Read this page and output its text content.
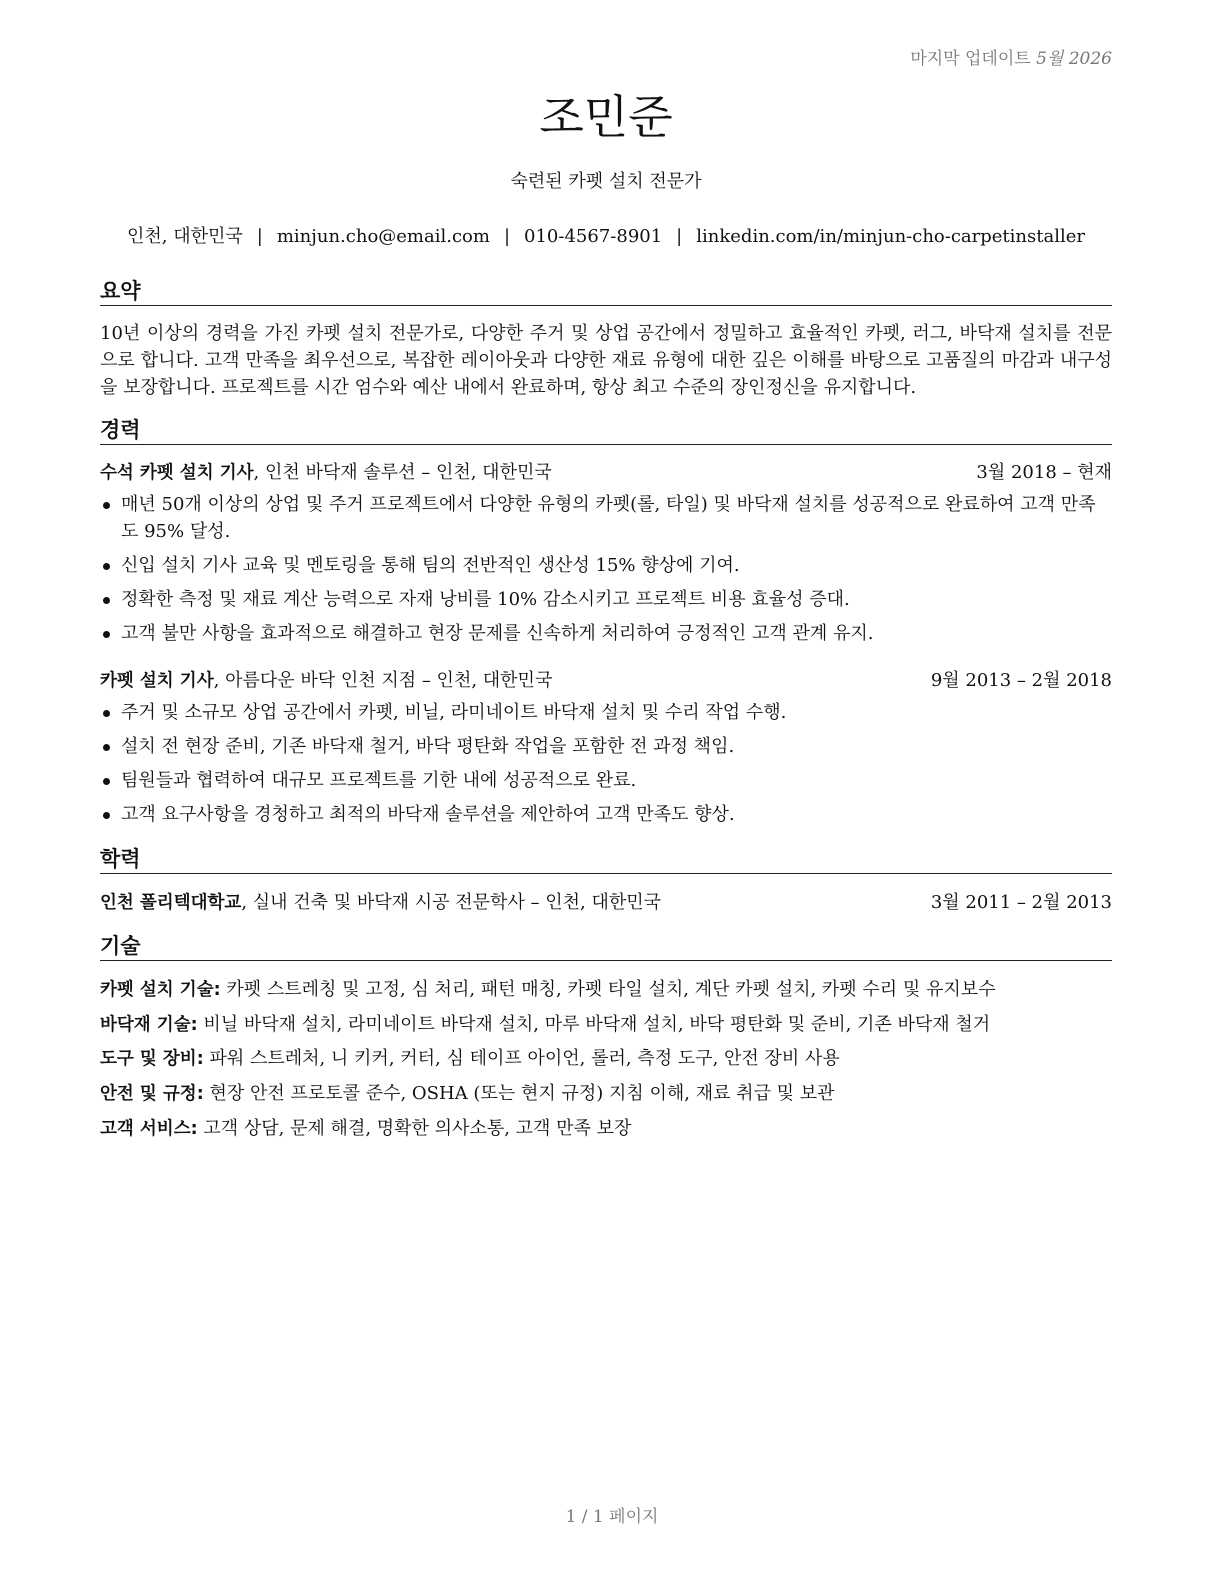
마지막 업데이트 5월 2026
조민준
숙련된 카펫 설치 전문가
인천, 대한민국 | minjun.cho@email.com | 010-4567-8901 | linkedin.com/in/minjun-cho-carpetinstaller
요약

10년 이상의 경력을 가진 카펫 설치 전문가로, 다양한 주거 및 상업 공간에서 정밀하고 효율적인 카펫, 러그, 바닥재 설치를 전문으로 합니다. 고객 만족을 최우선으로, 복잡한 레이아웃과 다양한 재료 유형에 대한 깊은 이해를 바탕으로 고품질의 마감과 내구성을 보장합니다. 프로젝트를 시간 엄수와 예산 내에서 완료하며, 항상 최고 수준의 장인정신을 유지합니다.

경력
수석 카펫 설치 기사, 인천 바닥재 솔루션 – 인천, 대한민국	3월 2018 – 현재
매년 50개 이상의 상업 및 주거 프로젝트에서 다양한 유형의 카펫(롤, 타일) 및 바닥재 설치를 성공적으로 완료하여 고객 만족도 95% 달성.
신입 설치 기사 교육 및 멘토링을 통해 팀의 전반적인 생산성 15% 향상에 기여.
정확한 측정 및 재료 계산 능력으로 자재 낭비를 10% 감소시키고 프로젝트 비용 효율성 증대.
고객 불만 사항을 효과적으로 해결하고 현장 문제를 신속하게 처리하여 긍정적인 고객 관계 유지.
카펫 설치 기사, 아름다운 바닥 인천 지점 – 인천, 대한민국	9월 2013 – 2월 2018
주거 및 소규모 상업 공간에서 카펫, 비닐, 라미네이트 바닥재 설치 및 수리 작업 수행.
설치 전 현장 준비, 기존 바닥재 철거, 바닥 평탄화 작업을 포함한 전 과정 책임.
팀원들과 협력하여 대규모 프로젝트를 기한 내에 성공적으로 완료.
고객 요구사항을 경청하고 최적의 바닥재 솔루션을 제안하여 고객 만족도 향상.
학력
인천 폴리텍대학교, 실내 건축 및 바닥재 시공 전문학사 – 인천, 대한민국	3월 2011 – 2월 2013
기술
카펫 설치 기술: 카펫 스트레칭 및 고정, 심 처리, 패턴 매칭, 카펫 타일 설치, 계단 카펫 설치, 카펫 수리 및 유지보수
바닥재 기술: 비닐 바닥재 설치, 라미네이트 바닥재 설치, 마루 바닥재 설치, 바닥 평탄화 및 준비, 기존 바닥재 철거
도구 및 장비: 파워 스트레처, 니 키커, 커터, 심 테이프 아이언, 롤러, 측정 도구, 안전 장비 사용
안전 및 규정: 현장 안전 프로토콜 준수, OSHA (또는 현지 규정) 지침 이해, 재료 취급 및 보관
고객 서비스: 고객 상담, 문제 해결, 명확한 의사소통, 고객 만족 보장
1 / 1 페이지
